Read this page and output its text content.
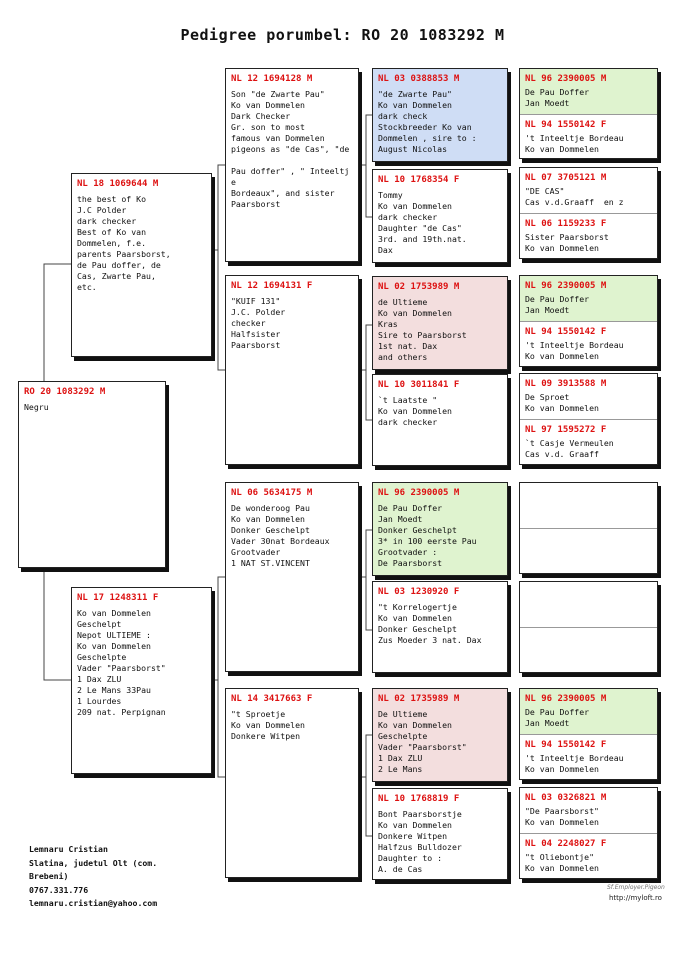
Pedigree porumbel: RO 20 1083292 M
RO 20 1083292 M
Negru
NL 18 1069644 M
the best of Ko
J.C Polder
dark checker
Best of Ko van
Dommelen, f.e.
parents Paarsborst,
de Pau doffer, de
Cas, Zwarte Pau,
etc.
NL 17 1248311 F
Ko van Dommelen
Geschelpt
Nepot ULTIEME :
Ko van Dommelen
Geschelpte
Vader "Paarsborst"
1 Dax ZLU
2 Le Mans 33Pau
1 Lourdes
209 nat. Perpignan
NL 12 1694128 M
Son "de Zwarte Pau"
Ko van Dommelen
Dark Checker
Gr. son to most
famous van Dommelen
pigeons as "de Cas", "de

Pau doffer" , " Inteeltj
e
Bordeaux", and sister
Paarsborst
NL 12 1694131 F
"KUIF 131"
J.C. Polder
checker
Halfsister
Paarsborst
NL 06 5634175 M
De wonderoog Pau
Ko van Dommelen
Donker Geschelpt
Vader 30nat Bordeaux
Grootvader
1 NAT ST.VINCENT
NL 14 3417663 F
"t Sproetje
Ko van Dommelen
Donkere Witpen
NL 03 0388853 M
"de Zwarte Pau"
Ko van Dommelen
dark check
Stockbreeder Ko van
Dommelen , sire to :
August Nicolas
NL 10 1768354 F
Tommy
Ko van Dommelen
dark checker
Daughter "de Cas"
3rd. and 19th.nat.
Dax
NL 02 1753989 M
de Ultieme
Ko van Dommelen
Kras
Sire to Paarsborst
1st nat. Dax
and others
NL 10 3011841 F
`t Laatste "
Ko van Dommelen
dark checker
NL 96 2390005 M
De Pau Doffer
Jan Moedt
Donker Geschelpt
3* in 100 eerste Pau
Grootvader :
De Paarsborst
NL 03 1230920 F
"t Korrelogertje
Ko van Dommelen
Donker Geschelpt
Zus Moeder 3 nat. Dax
NL 02 1735989 M
De Ultieme
Ko van Dommelen
Geschelpte
Vader "Paarsborst"
1 Dax ZLU
2 Le Mans
NL 10 1768819 F
Bont Paarsborstje
Ko van Dommelen
Donkere Witpen
Halfzus Bulldozer
Daughter to :
A. de Cas
NL 96 2390005 M
De Pau Doffer
Jan Moedt
NL 94 1550142 F
't Inteeltje Bordeau
Ko van Dommelen
NL 07 3705121 M
"DE CAS"
Cas v.d.Graaff  en z
NL 06 1159233 F
Sister Paarsborst
Ko van Dommelen
NL 96 2390005 M
De Pau Doffer
Jan Moedt
NL 94 1550142 F
't Inteeltje Bordeau
Ko van Dommelen
NL 09 3913588 M
De Sproet
Ko van Dommelen
NL 97 1595272 F
`t Casje Vermeulen
Cas v.d. Graaff
NL 96 2390005 M
De Pau Doffer
Jan Moedt
NL 94 1550142 F
't Inteeltje Bordeau
Ko van Dommelen
NL 03 0326821 M
"De Paarsborst"
Ko van Dommelen
NL 04 2248027 F
"t Oliebontje"
Ko van Dommelen
Lemnaru Cristian
Slatina, judetul Olt (com.
Brebeni)
0767.331.776
lemnaru.cristian@yahoo.com
Sf.Employer.Pigeon
http://myloft.ro
